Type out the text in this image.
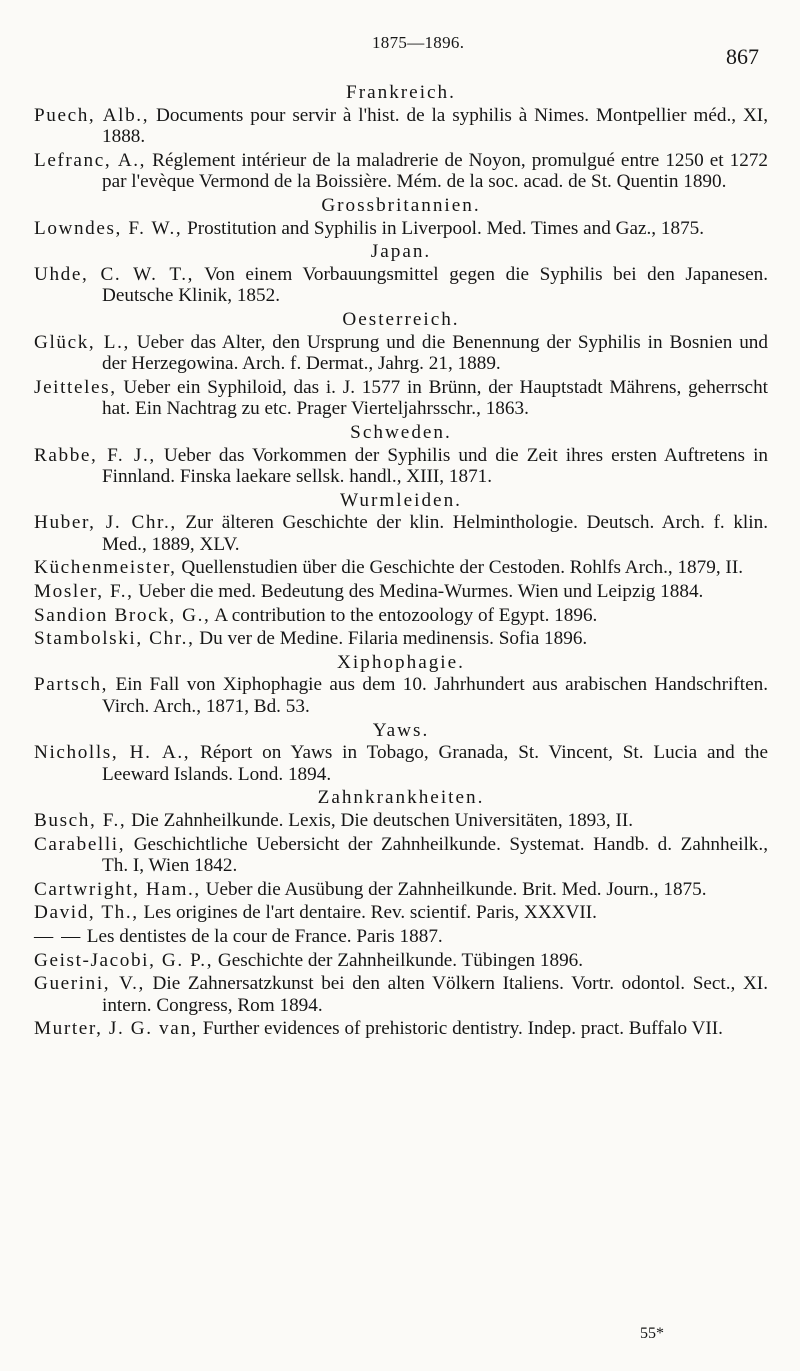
1875—1896.
867
Frankreich.
Puech, Alb., Documents pour servir à l'hist. de la syphilis à Nimes. Montpellier méd., XI, 1888.
Lefranc, A., Réglement intérieur de la maladrerie de Noyon, promulgué entre 1250 et 1272 par l'evèque Vermond de la Boissière. Mém. de la soc. acad. de St. Quentin 1890.
Grossbritannien.
Lowndes, F. W., Prostitution and Syphilis in Liverpool. Med. Times and Gaz., 1875.
Japan.
Uhde, C. W. T., Von einem Vorbauungsmittel gegen die Syphilis bei den Japanesen. Deutsche Klinik, 1852.
Oesterreich.
Glück, L., Ueber das Alter, den Ursprung und die Benennung der Syphilis in Bosnien und der Herzegowina. Arch. f. Dermat., Jahrg. 21, 1889.
Jeitteles, Ueber ein Syphiloid, das i. J. 1577 in Brünn, der Hauptstadt Mährens, geherrscht hat. Ein Nachtrag zu etc. Prager Vierteljahrsschr., 1863.
Schweden.
Rabbe, F. J., Ueber das Vorkommen der Syphilis und die Zeit ihres ersten Auftretens in Finnland. Finska laekare sellsk. handl., XIII, 1871.
Wurmleiden.
Huber, J. Chr., Zur älteren Geschichte der klin. Helminthologie. Deutsch. Arch. f. klin. Med., 1889, XLV.
Küchenmeister, Quellenstudien über die Geschichte der Cestoden. Rohlfs Arch., 1879, II.
Mosler, F., Ueber die med. Bedeutung des Medina-Wurmes. Wien und Leipzig 1884.
Sandion Brock, G., A contribution to the entozoology of Egypt. 1896.
Stambolski, Chr., Du ver de Medine. Filaria medinensis. Sofia 1896.
Xiphophagie.
Partsch, Ein Fall von Xiphophagie aus dem 10. Jahrhundert aus arabischen Handschriften. Virch. Arch., 1871, Bd. 53.
Yaws.
Nicholls, H. A., Réport on Yaws in Tobago, Granada, St. Vincent, St. Lucia and the Leeward Islands. Lond. 1894.
Zahnkrankheiten.
Busch, F., Die Zahnheilkunde. Lexis, Die deutschen Universitäten, 1893, II.
Carabelli, Geschichtliche Uebersicht der Zahnheilkunde. Systemat. Handb. d. Zahnheilk., Th. I, Wien 1842.
Cartwright, Ham., Ueber die Ausübung der Zahnheilkunde. Brit. Med. Journ., 1875.
David, Th., Les origines de l'art dentaire. Rev. scientif. Paris, XXXVII.
— — Les dentistes de la cour de France. Paris 1887.
Geist-Jacobi, G. P., Geschichte der Zahnheilkunde. Tübingen 1896.
Guerini, V., Die Zahnersatzkunst bei den alten Völkern Italiens. Vortr. odontol. Sect., XI. intern. Congress, Rom 1894.
Murter, J. G. van, Further evidences of prehistoric dentistry. Indep. pract. Buffalo VII.
55*
